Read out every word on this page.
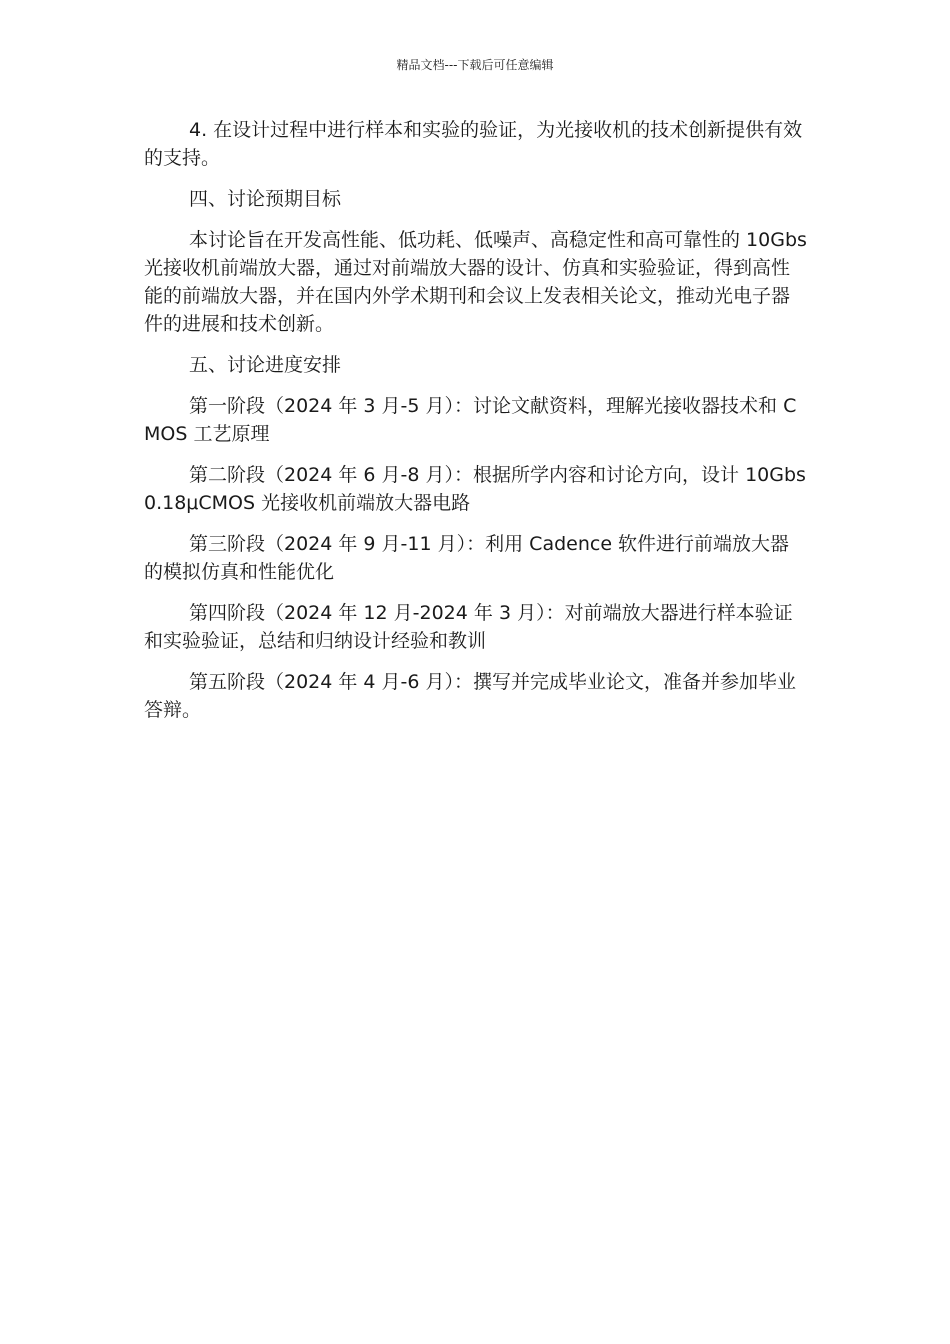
精品文档---下载后可任意编辑

4. 在设计过程中进行样本和实验的验证，为光接收机的技术创新提供有效的支持。

四、讨论预期目标

本讨论旨在开发高性能、低功耗、低噪声、高稳定性和高可靠性的 10Gbs 光接收机前端放大器，通过对前端放大器的设计、仿真和实验验证，得到高性能的前端放大器，并在国内外学术期刊和会议上发表相关论文，推动光电子器件的进展和技术创新。

五、讨论进度安排

第一阶段（2024 年 3 月-5 月）：讨论文献资料，理解光接收器技术和 CMOS 工艺原理

第二阶段（2024 年 6 月-8 月）：根据所学内容和讨论方向，设计 10Gbs0.18μCMOS 光接收机前端放大器电路

第三阶段（2024 年 9 月-11 月）：利用 Cadence 软件进行前端放大器的模拟仿真和性能优化

第四阶段（2024 年 12 月-2024 年 3 月）：对前端放大器进行样本验证和实验验证，总结和归纳设计经验和教训

第五阶段（2024 年 4 月-6 月）：撰写并完成毕业论文，准备并参加毕业答辩。
